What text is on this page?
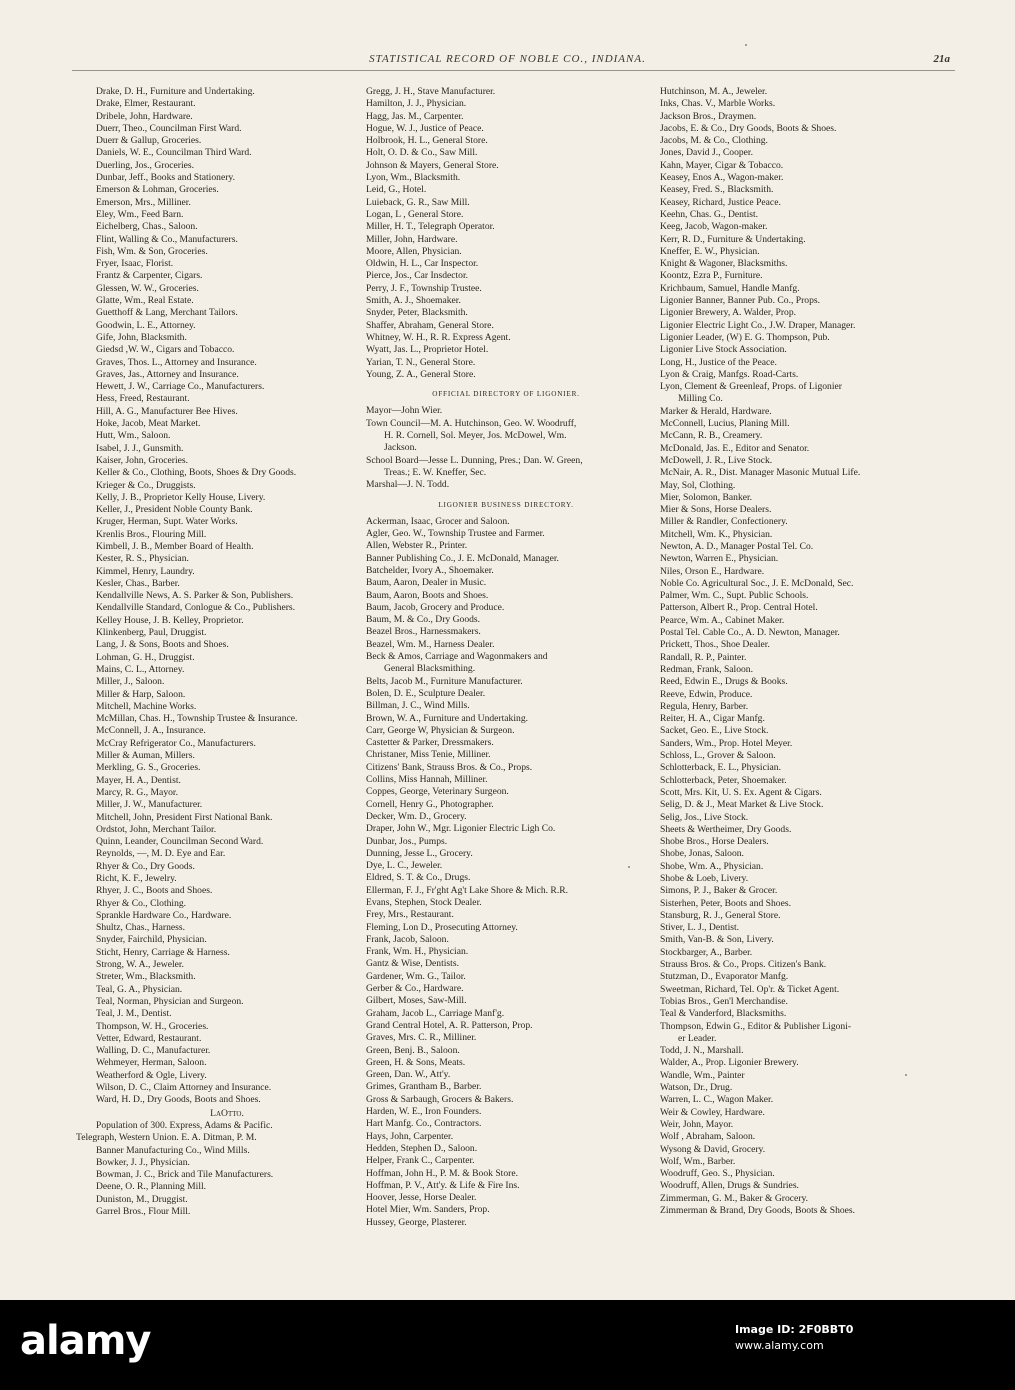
STATISTICAL RECORD OF NOBLE CO., INDIANA.	21a
Drake, D. H., Furniture and Undertaking.
Drake, Elmer, Restaurant.
Dribele, John, Hardware.
Duerr, Theo., Councilman First Ward.
Duerr & Gallup, Groceries.
Daniels, W. E., Councilman Third Ward.
Duerling, Jos., Groceries.
Dunbar, Jeff., Books and Stationery.
Emerson & Lohman, Groceries.
Emerson, Mrs., Milliner.
Eley, Wm., Feed Barn.
Eichelberg, Chas., Saloon.
Flint, Walling & Co., Manufacturers.
Fish, Wm. & Son, Groceries.
Fryer, Isaac, Florist.
Frantz & Carpenter, Cigars.
Glessen, W. W., Groceries.
Glatte, Wm., Real Estate.
Guetthoff & Lang, Merchant Tailors.
Goodwin, L. E., Attorney.
Gife, John, Blacksmith.
Giedsd ,W. W., Cigars and Tobacco.
Graves, Thos. L., Attorney and Insurance.
Graves, Jas., Attorney and Insurance.
Hewett, J. W., Carriage Co., Manufacturers.
Hess, Freed, Restaurant.
Hill, A. G., Manufacturer Bee Hives.
Hoke, Jacob, Meat Market.
Hutt, Wm., Saloon.
Isabel, J. J., Gunsmith.
Kaiser, John, Groceries.
Keller & Co., Clothing, Boots, Shoes & Dry Goods.
Krieger & Co., Druggists.
Kelly, J. B., Proprietor Kelly House, Livery.
Keller, J., President Noble County Bank.
Kruger, Herman, Supt. Water Works.
Krenlis Bros., Flouring Mill.
Kimbell, J. B., Member Board of Health.
Kester, R. S., Physician.
Kimmel, Henry, Laundry.
Kesler, Chas., Barber.
Kendallville News, A. S. Parker & Son, Publishers.
Kendallville Standard, Conlogue & Co., Publishers.
Kelley House, J. B. Kelley, Proprietor.
Klinkenberg, Paul, Druggist.
Lang, J. & Sons, Boots and Shoes.
Lohman, G. H., Druggist.
Mains, C. L., Attorney.
Miller, J., Saloon.
Miller & Harp, Saloon.
Mitchell, Machine Works.
McMillan, Chas. H., Township Trustee & Insurance.
McConnell, J. A., Insurance.
McCray Refrigerator Co., Manufacturers.
Miller & Auman, Millers.
Merkling, G. S., Groceries.
Mayer, H. A., Dentist.
Marcy, R. G., Mayor.
Miller, J. W., Manufacturer.
Mitchell, John, President First National Bank.
Ordstot, John, Merchant Tailor.
Quinn, Leander, Councilman Second Ward.
Reynolds, —, M. D. Eye and Ear.
Rhyer & Co., Dry Goods.
Richt, K. F., Jewelry.
Rhyer, J. C., Boots and Shoes.
Rhyer & Co., Clothing.
Sprankle Hardware Co., Hardware.
Shultz, Chas., Harness.
Snyder, Fairchild, Physician.
Sticht, Henry, Carriage & Harness.
Strong, W. A., Jeweler.
Streter, Wm., Blacksmith.
Teal, G. A., Physician.
Teal, Norman, Physician and Surgeon.
Teal, J. M., Dentist.
Thompson, W. H., Groceries.
Vetter, Edward, Restaurant.
Walling, D. C., Manufacturer.
Wehmeyer, Herman, Saloon.
Weatherford & Ogle, Livery.
Wilson, D. C., Claim Attorney and Insurance.
Ward, H. D., Dry Goods, Boots and Shoes.
LaOtto.
Population of 300. Express, Adams & Pacific.
Telegraph, Western Union. E. A. Ditman, P. M.
Banner Manufacturing Co., Wind Mills.
Bowker, J. J., Physician.
Bowman, J. C., Brick and Tile Manufacturers.
Deene, O. R., Planning Mill.
Duniston, M., Druggist.
Garrel Bros., Flour Mill.
Gregg, J. H., Stave Manufacturer.
Hamilton, J. J., Physician.
Hagg, Jas. M., Carpenter.
Hogue, W. J., Justice of Peace.
Holbrook, H. L., General Store.
Holt, O. D. & Co., Saw Mill.
Johnson & Mayers, General Store.
Lyon, Wm., Blacksmith.
Leid, G., Hotel.
Luieback, G. R., Saw Mill.
Logan, L , General Store.
Miller, H. T., Telegraph Operator.
Miller, John, Hardware.
Moore, Allen, Physician.
Oldwin, H. L., Car Inspector.
Pierce, Jos., Car Insdector.
Perry, J. F., Township Trustee.
Smith, A. J., Shoemaker.
Snyder, Peter, Blacksmith.
Shaffer, Abraham, General Store.
Whitney, W. H., R. R. Express Agent.
Wyatt, Jas. L., Proprietor Hotel.
Yarian, T. N., General Store.
Young, Z. A., General Store.
OFFICIAL DIRECTORY OF LIGONIER.
Mayor—John Wier.
Town Council—M. A. Hutchinson, Geo. W. Woodruff,
H. R. Cornell, Sol. Meyer, Jos. McDowel, Wm.
Jackson.
School Board—Jesse L. Dunning, Pres.; Dan. W. Green,
Treas.; E. W. Kneffer, Sec.
Marshal—J. N. Todd.
LIGONIER BUSINESS DIRECTORY.
Ackerman, Isaac, Grocer and Saloon.
Agler, Geo. W., Township Trustee and Farmer.
Allen, Webster R., Printer.
Banner Publishing Co., J. E. McDonald, Manager.
Batchelder, Ivory A., Shoemaker.
Baum, Aaron, Dealer in Music.
Baum, Aaron, Boots and Shoes.
Baum, Jacob, Grocery and Produce.
Baum, M. & Co., Dry Goods.
Beazel Bros., Harnessmakers.
Beazel, Wm. M., Harness Dealer.
Beck & Amos, Carriage and Wagonmakers and
General Blacksmithing.
Belts, Jacob M., Furniture Manufacturer.
Bolen, D. E., Sculpture Dealer.
Billman, J. C., Wind Mills.
Brown, W. A., Furniture and Undertaking.
Carr, George W, Physician & Surgeon.
Castetter & Parker, Dressmakers.
Christaner, Miss Tenie, Milliner.
Citizens' Bank, Strauss Bros. & Co., Props.
Collins, Miss Hannah, Milliner.
Coppes, George, Veterinary Surgeon.
Cornell, Henry G., Photographer.
Decker, Wm. D., Grocery.
Draper, John W., Mgr. Ligonier Electric Ligh Co.
Dunbar, Jos., Pumps.
Dunning, Jesse L., Grocery.
Dye, L. C., Jeweler.
Eldred, S. T. & Co., Drugs.
Ellerman, F. J., Fr'ght Ag't Lake Shore & Mich. R.R.
Evans, Stephen, Stock Dealer.
Frey, Mrs., Restaurant.
Fleming, Lon D., Prosecuting Attorney.
Frank, Jacob, Saloon.
Frank, Wm. H., Physician.
Gantz & Wise, Dentists.
Gardener, Wm. G., Tailor.
Gerber & Co., Hardware.
Gilbert, Moses, Saw-Mill.
Graham, Jacob L., Carriage Manf'g.
Grand Central Hotel, A. R. Patterson, Prop.
Graves, Mrs. C. R., Milliner.
Green, Benj. B., Saloon.
Green, H. & Sons, Meats.
Green, Dan. W., Att'y.
Grimes, Grantham B., Barber.
Gross & Sarbaugh, Grocers & Bakers.
Harden, W. E., Iron Founders.
Hart Manfg. Co., Contractors.
Hays, John, Carpenter.
Hedden, Stephen D., Saloon.
Helper, Frank C., Carpenter.
Hoffman, John H., P. M. & Book Store.
Hoffman, P. V., Att'y. & Life & Fire Ins.
Hoover, Jesse, Horse Dealer.
Hotel Mier, Wm. Sanders, Prop.
Hussey, George, Plasterer.
Hutchinson, M. A., Jeweler.
Inks, Chas. V., Marble Works.
Jackson Bros., Draymen.
Jacobs, E. & Co., Dry Goods, Boots & Shoes.
Jacobs, M. & Co., Clothing.
Jones, David J., Cooper.
Kahn, Mayer, Cigar & Tobacco.
Keasey, Enos A., Wagon-maker.
Keasey, Fred. S., Blacksmith.
Keasey, Richard, Justice Peace.
Keehn, Chas. G., Dentist.
Keeg, Jacob, Wagon-maker.
Kerr, R. D., Furniture & Undertaking.
Kneffer, E. W., Physician.
Knight & Wagoner, Blacksmiths.
Koontz, Ezra P., Furniture.
Krichbaum, Samuel, Handle Manfg.
Ligonier Banner, Banner Pub. Co., Props.
Ligonier Brewery, A. Walder, Prop.
Ligonier Electric Light Co., J.W. Draper, Manager.
Ligonier Leader, (W) E. G. Thompson, Pub.
Ligonier Live Stock Association.
Long, H., Justice of the Peace.
Lyon & Craig, Manfgs. Road-Carts.
Lyon, Clement & Greenleaf, Props. of Ligonier
Milling Co.
Marker & Herald, Hardware.
McConnell, Lucius, Planing Mill.
McCann, R. B., Creamery.
McDonald, Jas. E., Editor and Senator.
McDowell, J. R., Live Stock.
McNair, A. R., Dist. Manager Masonic Mutual Life.
May, Sol, Clothing.
Mier, Solomon, Banker.
Mier & Sons, Horse Dealers.
Miller & Randler, Confectionery.
Mitchell, Wm. K., Physician.
Newton, A. D., Manager Postal Tel. Co.
Newton, Warren E., Physician.
Niles, Orson E., Hardware.
Noble Co. Agricultural Soc., J. E. McDonald, Sec.
Palmer, Wm. C., Supt. Public Schools.
Patterson, Albert R., Prop. Central Hotel.
Pearce, Wm. A., Cabinet Maker.
Postal Tel. Cable Co., A. D. Newton, Manager.
Prickett, Thos., Shoe Dealer.
Randall, R. P., Painter.
Redman, Frank, Saloon.
Reed, Edwin E., Drugs & Books.
Reeve, Edwin, Produce.
Regula, Henry, Barber.
Reiter, H. A., Cigar Manfg.
Sacket, Geo. E., Live Stock.
Sanders, Wm., Prop. Hotel Meyer.
Schloss, L., Grover & Saloon.
Schlotterback, E. L., Physician.
Schlotterback, Peter, Shoemaker.
Scott, Mrs. Kit, U. S. Ex. Agent & Cigars.
Selig, D. & J., Meat Market & Live Stock.
Selig, Jos., Live Stock.
Sheets & Wertheimer, Dry Goods.
Shobe Bros., Horse Dealers.
Shobe, Jonas, Saloon.
Shobe, Wm. A., Physician.
Shobe & Loeb, Livery.
Simons, P. J., Baker & Grocer.
Sisterhen, Peter, Boots and Shoes.
Stansburg, R. J., General Store.
Stiver, L. J., Dentist.
Smith, Van-B. & Son, Livery.
Stockbarger, A., Barber.
Strauss Bros. & Co., Props. Citizen's Bank.
Stutzman, D., Evaporator Manfg.
Sweetman, Richard, Tel. Op'r. & Ticket Agent.
Tobias Bros., Gen'l Merchandise.
Teal & Vanderford, Blacksmiths.
Thompson, Edwin G., Editor & Publisher Ligoni-
er Leader.
Todd, J. N., Marshall.
Walder, A., Prop. Ligonier Brewery.
Wandle, Wm., Painter
Watson, Dr., Drug.
Warren, L. C., Wagon Maker.
Weir & Cowley, Hardware.
Weir, John, Mayor.
Wolf , Abraham, Saloon.
Wysong & David, Grocery.
Wolf, Wm., Barber.
Woodruff, Geo. S., Physician.
Woodruff, Allen, Drugs & Sundries.
Zimmerman, G. M., Baker & Grocery.
Zimmerman & Brand, Dry Goods, Boots & Shoes.
alamy	Image ID: 2F0BBT0
www.alamy.com
